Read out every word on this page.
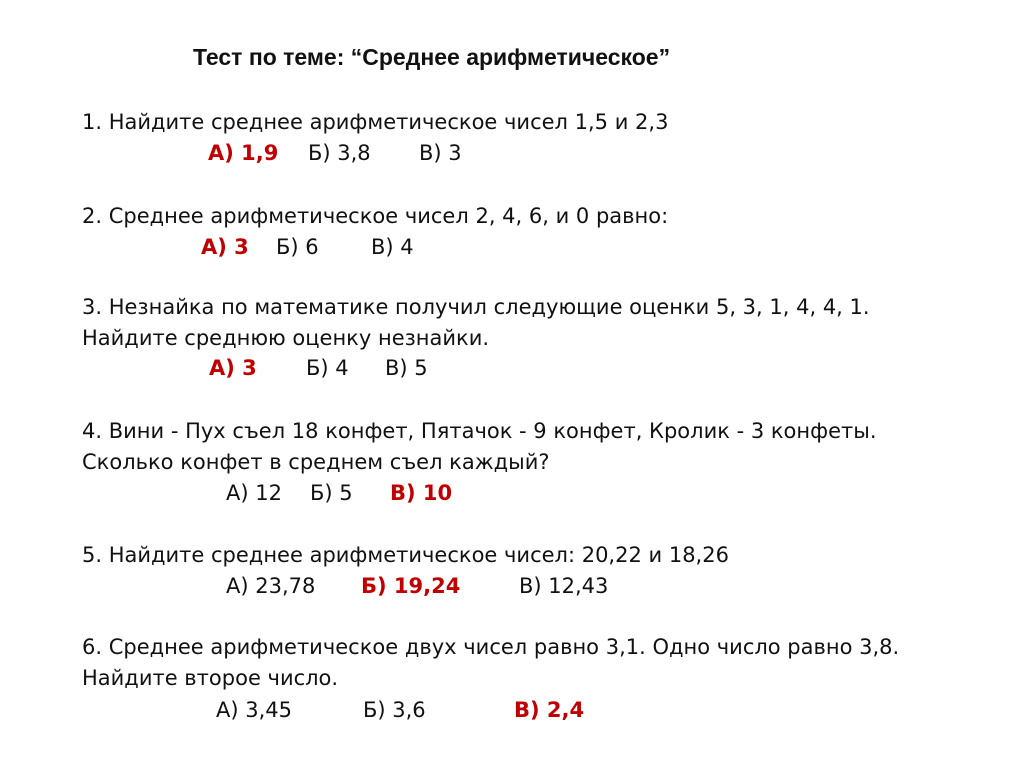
Тест по теме: “Среднее арифметическое”
1. Найдите среднее арифметическое чисел 1,5 и 2,3
А) 1,9 Б) 3,8 В) 3
2. Среднее арифметическое чисел 2, 4, 6, и 0 равно:
А) 3 Б) 6 В) 4
3. Незнайка по математике получил следующие оценки 5, 3, 1, 4, 4, 1.
Найдите среднюю оценку незнайки.
А) 3 Б) 4 В) 5
4. Вини - Пух съел 18 конфет, Пятачок - 9 конфет, Кролик - 3 конфеты.
Сколько конфет в среднем съел каждый?
А) 12 Б) 5 В) 10
5. Найдите среднее арифметическое чисел: 20,22 и 18,26
А) 23,78 Б) 19,24	В) 12,43
6. Среднее арифметическое двух чисел равно 3,1. Одно число равно 3,8.
Найдите второе число.
А) 3,45	Б) 3,6	В) 2,4
